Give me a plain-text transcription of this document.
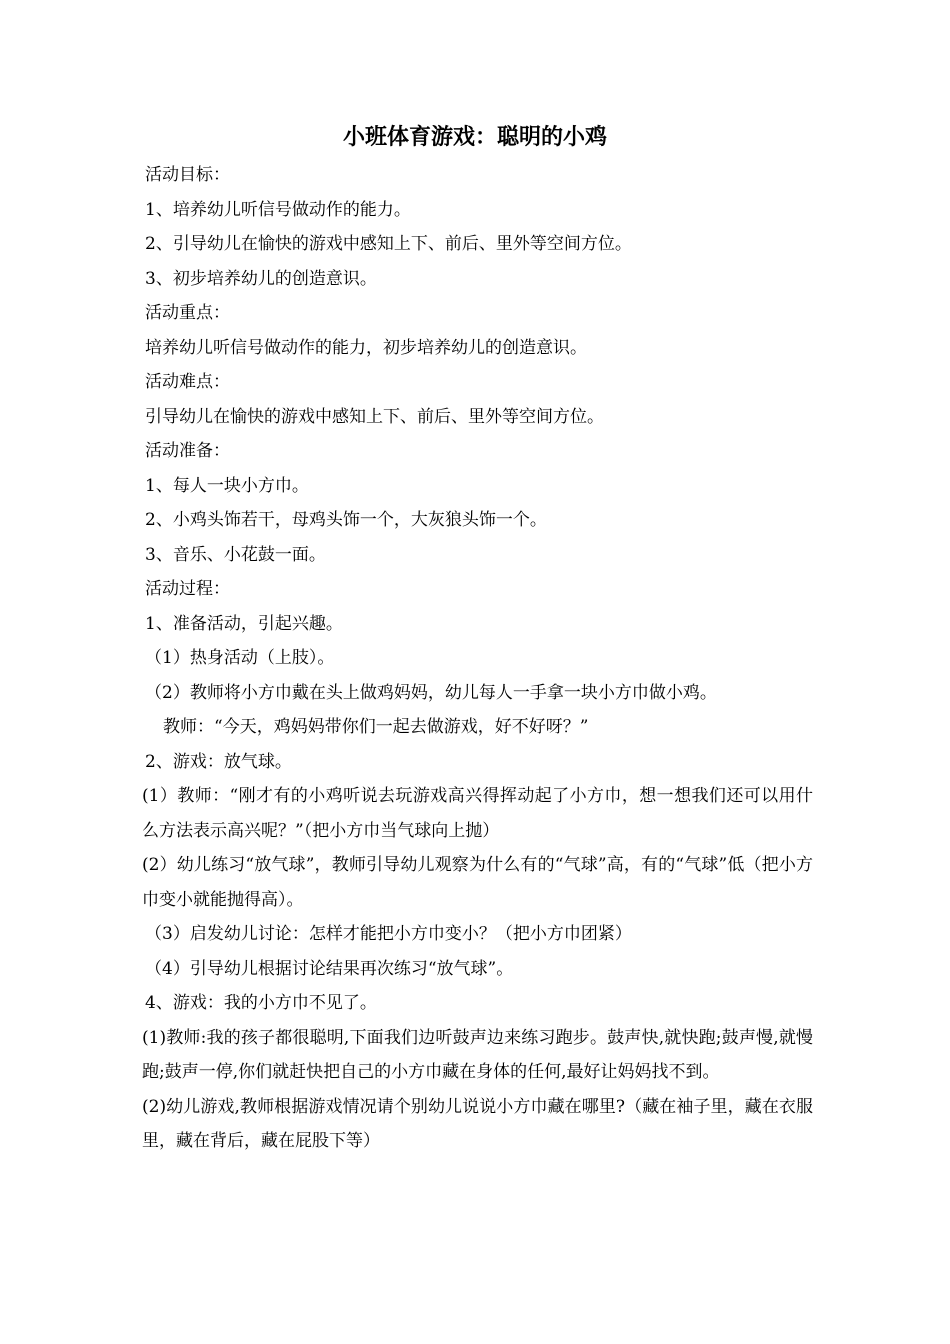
小班体育游戏：聪明的小鸡

活动目标：

1、培养幼儿听信号做动作的能力。

2、引导幼儿在愉快的游戏中感知上下、前后、里外等空间方位。

3、初步培养幼儿的创造意识。

活动重点：

培养幼儿听信号做动作的能力，初步培养幼儿的创造意识。

活动难点：

引导幼儿在愉快的游戏中感知上下、前后、里外等空间方位。

活动准备：

1、每人一块小方巾。

2、小鸡头饰若干，母鸡头饰一个，大灰狼头饰一个。

3、音乐、小花鼓一面。

活动过程：

1、准备活动，引起兴趣。

（1）热身活动（上肢）。

（2）教师将小方巾戴在头上做鸡妈妈，幼儿每人一手拿一块小方巾做小鸡。

教师：“今天，鸡妈妈带你们一起去做游戏，好不好呀？”

2、游戏：放气球。

(1）教师：“刚才有的小鸡听说去玩游戏高兴得挥动起了小方巾，想一想我们还可以用什么方法表示高兴呢？”（把小方巾当气球向上抛）

(2）幼儿练习“放气球”，教师引导幼儿观察为什么有的“气球”高，有的“气球”低（把小方巾变小就能抛得高）。

（3）启发幼儿讨论：怎样才能把小方巾变小？（把小方巾团紧）

（4）引导幼儿根据讨论结果再次练习“放气球”。

4、游戏：我的小方巾不见了。

(1)教师:我的孩子都很聪明,下面我们边听鼓声边来练习跑步。鼓声快,就快跑;鼓声慢,就慢跑;鼓声一停,你们就赶快把自己的小方巾藏在身体的任何,最好让妈妈找不到。

(2)幼儿游戏,教师根据游戏情况请个别幼儿说说小方巾藏在哪里?（藏在袖子里，藏在衣服里，藏在背后，藏在屁股下等）
